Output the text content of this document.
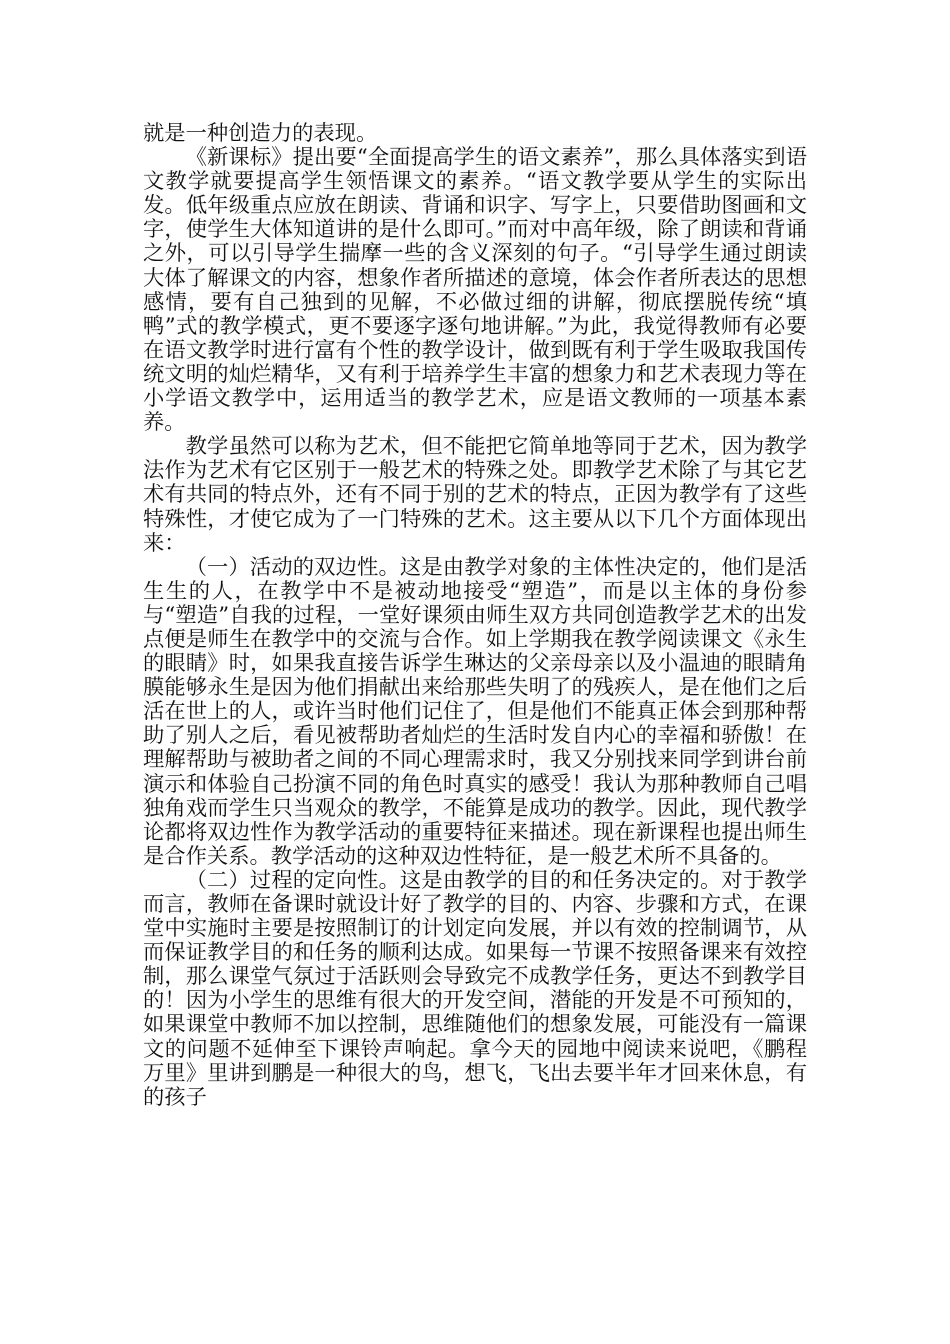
就是一种创造力的表现。

《新课标》提出要“全面提高学生的语文素养”，那么具体落实到语文教学就要提高学生领悟课文的素养。“语文教学要从学生的实际出发。低年级重点应放在朗读、背诵和识字、写字上，只要借助图画和文字，使学生大体知道讲的是什么即可。”而对中高年级，除了朗读和背诵之外，可以引导学生揣摩一些的含义深刻的句子。“引导学生通过朗读大体了解课文的内容，想象作者所描述的意境，体会作者所表达的思想感情，要有自己独到的见解，不必做过细的讲解，彻底摆脱传统“填鸭”式的教学模式，更不要逐字逐句地讲解。”为此，我觉得教师有必要在语文教学时进行富有个性的教学设计，做到既有利于学生吸取我国传统文明的灿烂精华，又有利于培养学生丰富的想象力和艺术表现力等在小学语文教学中，运用适当的教学艺术，应是语文教师的一项基本素养。

教学虽然可以称为艺术，但不能把它简单地等同于艺术，因为教学法作为艺术有它区别于一般艺术的特殊之处。即教学艺术除了与其它艺术有共同的特点外，还有不同于别的艺术的特点，正因为教学有了这些特殊性，才使它成为了一门特殊的艺术。这主要从以下几个方面体现出来：

（一）活动的双边性。这是由教学对象的主体性决定的，他们是活生生的人，在教学中不是被动地接受“塑造”，而是以主体的身份参与“塑造”自我的过程，一堂好课须由师生双方共同创造教学艺术的出发点便是师生在教学中的交流与合作。如上学期我在教学阅读课文《永生的眼睛》时，如果我直接告诉学生琳达的父亲母亲以及小温迪的眼睛角膜能够永生是因为他们捐献出来给那些失明了的残疾人，是在他们之后活在世上的人，或许当时他们记住了，但是他们不能真正体会到那种帮助了别人之后，看见被帮助者灿烂的生活时发自内心的幸福和骄傲！在理解帮助与被助者之间的不同心理需求时，我又分别找来同学到讲台前演示和体验自己扮演不同的角色时真实的感受！我认为那种教师自己唱独角戏而学生只当观众的教学，不能算是成功的教学。因此，现代教学论都将双边性作为教学活动的重要特征来描述。现在新课程也提出师生是合作关系。教学活动的这种双边性特征，是一般艺术所不具备的。

（二）过程的定向性。这是由教学的目的和任务决定的。对于教学而言，教师在备课时就设计好了教学的目的、内容、步骤和方式，在课堂中实施时主要是按照制订的计划定向发展，并以有效的控制调节，从而保证教学目的和任务的顺利达成。如果每一节课不按照备课来有效控制，那么课堂气氛过于活跃则会导致完不成教学任务，更达不到教学目的！因为小学生的思维有很大的开发空间，潜能的开发是不可预知的，如果课堂中教师不加以控制，思维随他们的想象发展，可能没有一篇课文的问题不延伸至下课铃声响起。拿今天的园地中阅读来说吧，《鹏程万里》里讲到鹏是一种很大的鸟，想飞，飞出去要半年才回来休息，有的孩子
